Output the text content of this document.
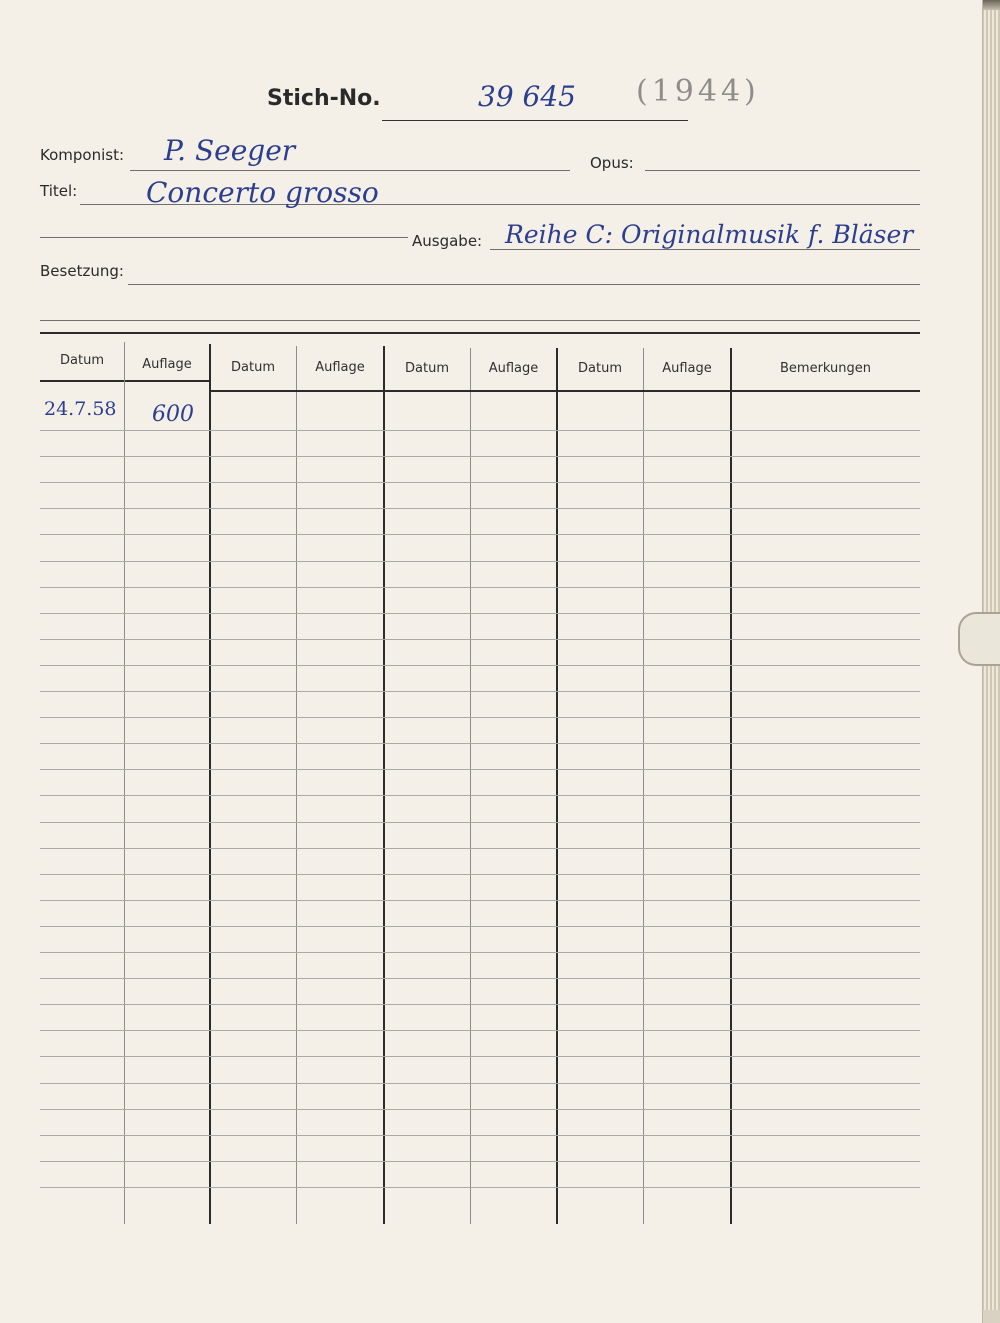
Stich-No.	39 645 (1944)
Komponist: P. Seeger	Opus:
Titel: Concerto grosso
Ausgabe: Reihe C: Originalmusik f. Bläser
Besetzung:
Datum	Auflage	Datum	Auflage	Datum	Auflage	Datum	Auflage	Bemerkungen
24.7.58 600
